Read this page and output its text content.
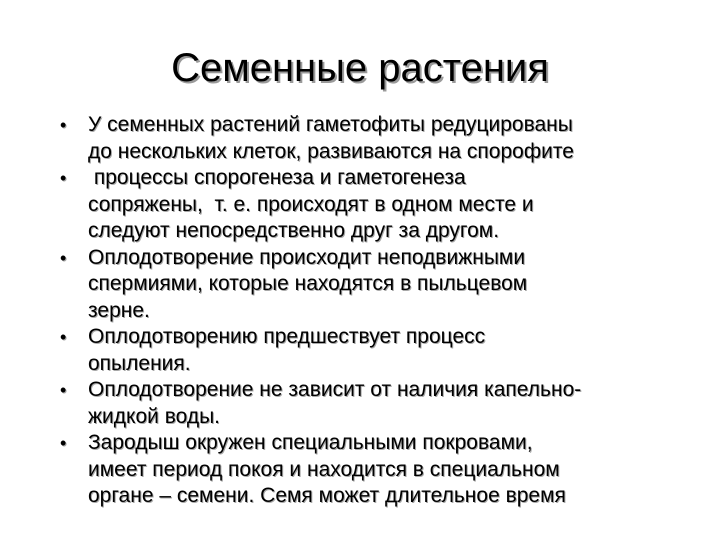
Семенные растения
•	У семенных растений гаметофиты редуцированы
до нескольких клеток, развиваются на спорофите
•	процессы спорогенеза и гаметогенеза
сопряжены,  т. е. происходят в одном месте и
следуют непосредственно друг за другом.
•	Оплодотворение происходит неподвижными
спермиями, которые находятся в пыльцевом
зерне.
•	Оплодотворению предшествует процесс
опыления.
•	Оплодотворение не зависит от наличия капельно-
жидкой воды.
•	Зародыш окружен специальными покровами,
имеет период покоя и находится в специальном
органе – семени. Семя может длительное время
